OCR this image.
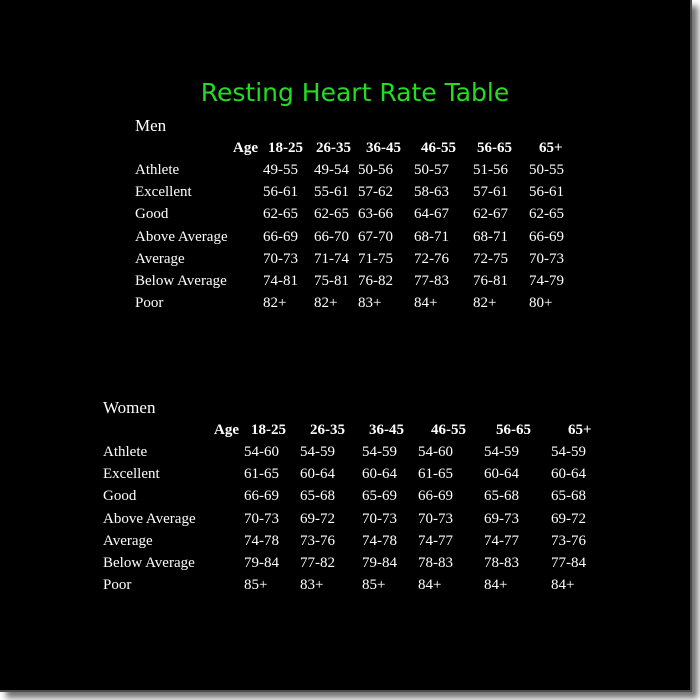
Resting Heart Rate Table
Men
Age 18-25 26-35 36-45 46-55 56-65 65+
Athlete	49-55 49-54 50-56 50-57 51-56 50-55
Excellent	56-61 55-61 57-62 58-63 57-61 56-61
Good	62-65 62-65 63-66 64-67 62-67 62-65
Above Average 66-69 66-70 67-70 68-71 68-71 66-69
Average	70-73 71-74 71-75 72-76 72-75 70-73
Below Average 74-81 75-81 76-82 77-83 76-81 74-79
Poor	82+ 82+ 83+ 84+ 82+ 80+
Women
Age 18-25 26-35 36-45 46-55 56-65 65+
Athlete	54-60 54-59 54-59 54-60 54-59 54-59
Excellent	61-65 60-64 60-64 61-65 60-64 60-64
Good	66-69 65-68 65-69 66-69 65-68 65-68
Above Average	70-73 69-72 70-73 70-73 69-73 69-72
Average	74-78 73-76 74-78 74-77 74-77 73-76
Below Average	79-84 77-82 79-84 78-83 78-83 77-84
Poor	85+ 83+	85+ 84+	84+	84+
